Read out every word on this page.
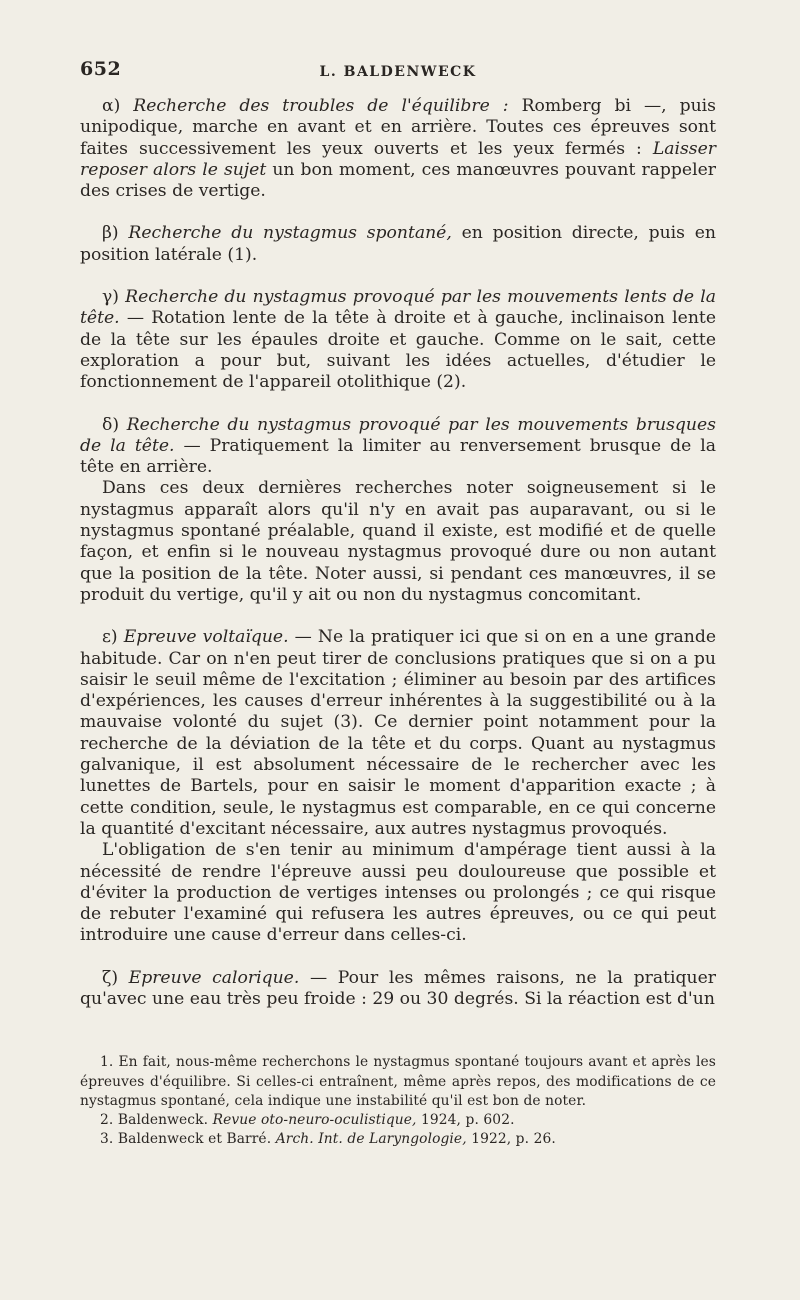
652	L. BALDENWECK

α) Recherche des troubles de l'équilibre : Romberg bi —, puis unipodique, marche en avant et en arrière. Toutes ces épreuves sont faites successivement les yeux ouverts et les yeux fermés : Laisser reposer alors le sujet un bon moment, ces manœuvres pouvant rappeler des crises de vertige.

β) Recherche du nystagmus spontané, en position directe, puis en position latérale (1).

γ) Recherche du nystagmus provoqué par les mouvements lents de la tête. — Rotation lente de la tête à droite et à gauche, inclinaison lente de la tête sur les épaules droite et gauche. Comme on le sait, cette exploration a pour but, suivant les idées actuelles, d'étudier le fonctionnement de l'appareil otolithique (2).

δ) Recherche du nystagmus provoqué par les mouvements brusques de la tête. — Pratiquement la limiter au renversement brusque de la tête en arrière.

Dans ces deux dernières recherches noter soigneusement si le nystagmus apparaît alors qu'il n'y en avait pas auparavant, ou si le nystagmus spontané préalable, quand il existe, est modifié et de quelle façon, et enfin si le nouveau nystagmus provoqué dure ou non autant que la position de la tête. Noter aussi, si pendant ces manœuvres, il se produit du vertige, qu'il y ait ou non du nystagmus concomitant.

ε) Epreuve voltaïque. — Ne la pratiquer ici que si on en a une grande habitude. Car on n'en peut tirer de conclusions pratiques que si on a pu saisir le seuil même de l'excitation ; éliminer au besoin par des artifices d'expériences, les causes d'erreur inhérentes à la suggestibilité ou à la mauvaise volonté du sujet (3). Ce dernier point notamment pour la recherche de la déviation de la tête et du corps. Quant au nystagmus galvanique, il est absolument nécessaire de le rechercher avec les lunettes de Bartels, pour en saisir le moment d'apparition exacte ; à cette condition, seule, le nystagmus est comparable, en ce qui concerne la quantité d'excitant nécessaire, aux autres nystagmus provoqués.

L'obligation de s'en tenir au minimum d'ampérage tient aussi à la nécessité de rendre l'épreuve aussi peu douloureuse que possible et d'éviter la production de vertiges intenses ou prolongés ; ce qui risque de rebuter l'examiné qui refusera les autres épreuves, ou ce qui peut introduire une cause d'erreur dans celles-ci.

ζ) Epreuve calorique. — Pour les mêmes raisons, ne la pratiquer qu'avec une eau très peu froide : 29 ou 30 degrés. Si la réaction est d'un

1. En fait, nous-même recherchons le nystagmus spontané toujours avant et après les épreuves d'équilibre. Si celles-ci entraînent, même après repos, des modifications de ce nystagmus spontané, cela indique une instabilité qu'il est bon de noter.

2. Baldenweck. Revue oto-neuro-oculistique, 1924, p. 602.

3. Baldenweck et Barré. Arch. Int. de Laryngologie, 1922, p. 26.
